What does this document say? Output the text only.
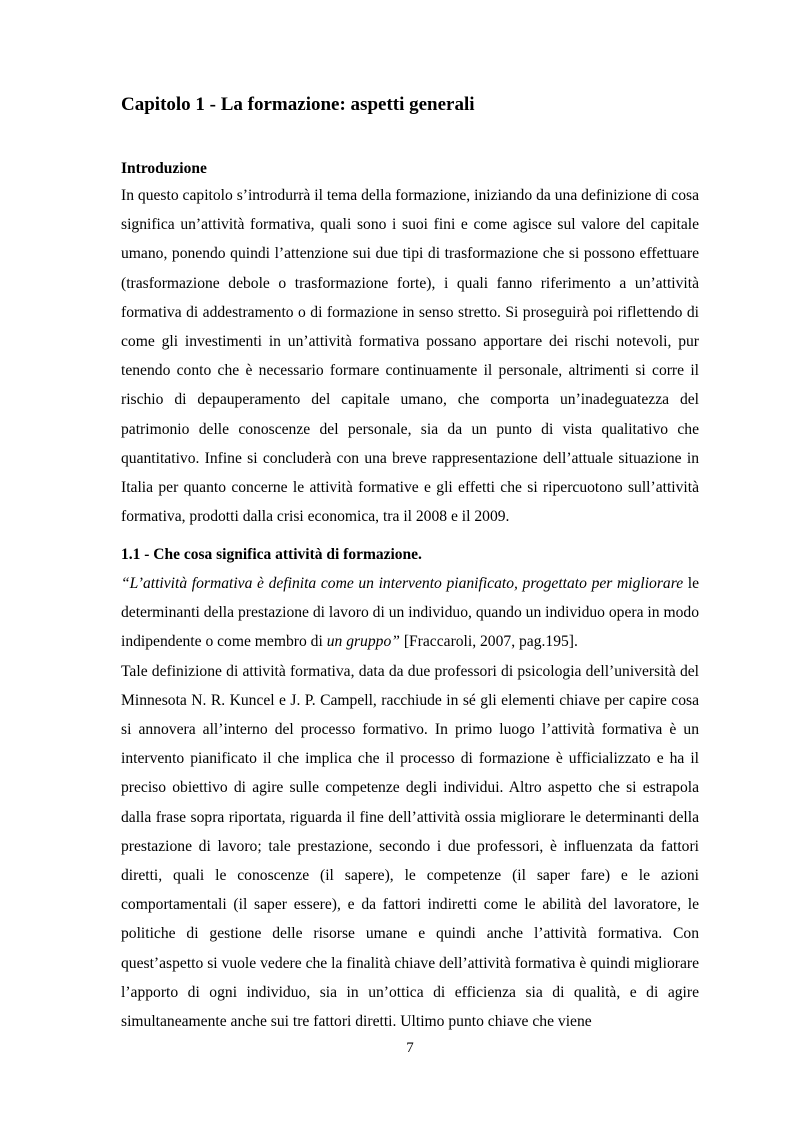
Capitolo 1 - La formazione: aspetti generali
Introduzione

In questo capitolo s’introdurrà il tema della formazione, iniziando da una definizione di cosa significa un’attività formativa, quali sono i suoi fini e come agisce sul valore del capitale umano, ponendo quindi l’attenzione sui due tipi di trasformazione che si possono effettuare (trasformazione debole o trasformazione forte), i quali fanno riferimento a un’attività formativa di addestramento o di formazione in senso stretto. Si proseguirà poi riflettendo di come gli investimenti in un’attività formativa possano apportare dei rischi notevoli, pur tenendo conto che è necessario formare continuamente il personale, altrimenti si corre il rischio di depauperamento del capitale umano, che comporta un’inadeguatezza del patrimonio delle conoscenze del personale, sia da un punto di vista qualitativo che quantitativo. Infine si concluderà con una breve rappresentazione dell’attuale situazione in Italia per quanto concerne le attività formative e gli effetti che si ripercuotono sull’attività formativa, prodotti dalla crisi economica, tra il 2008 e il 2009.

1.1 - Che cosa significa attività di formazione.
“L’attività formativa è definita come un intervento pianificato, progettato per migliorare le determinanti della prestazione di lavoro di un individuo, quando un individuo opera in modo indipendente o come membro di un gruppo” [Fraccaroli, 2007, pag.195].
Tale definizione di attività formativa, data da due professori di psicologia dell’università del Minnesota N. R. Kuncel e J. P. Campell, racchiude in sé gli elementi chiave per capire cosa si annovera all’interno del processo formativo. In primo luogo l’attività formativa è un intervento pianificato il che implica che il processo di formazione è ufficializzato e ha il preciso obiettivo di agire sulle competenze degli individui. Altro aspetto che si estrapola dalla frase sopra riportata, riguarda il fine dell’attività ossia migliorare le determinanti della prestazione di lavoro; tale prestazione, secondo i due professori, è influenzata da fattori diretti, quali le conoscenze (il sapere), le competenze (il saper fare) e le azioni comportamentali (il saper essere), e da fattori indiretti come le abilità del lavoratore, le politiche di gestione delle risorse umane e quindi anche l’attività formativa. Con quest’aspetto si vuole vedere che la finalità chiave dell’attività formativa è quindi migliorare l’apporto di ogni individuo, sia in un’ottica di efficienza sia di qualità, e di agire simultaneamente anche sui tre fattori diretti. Ultimo punto chiave che viene

7
